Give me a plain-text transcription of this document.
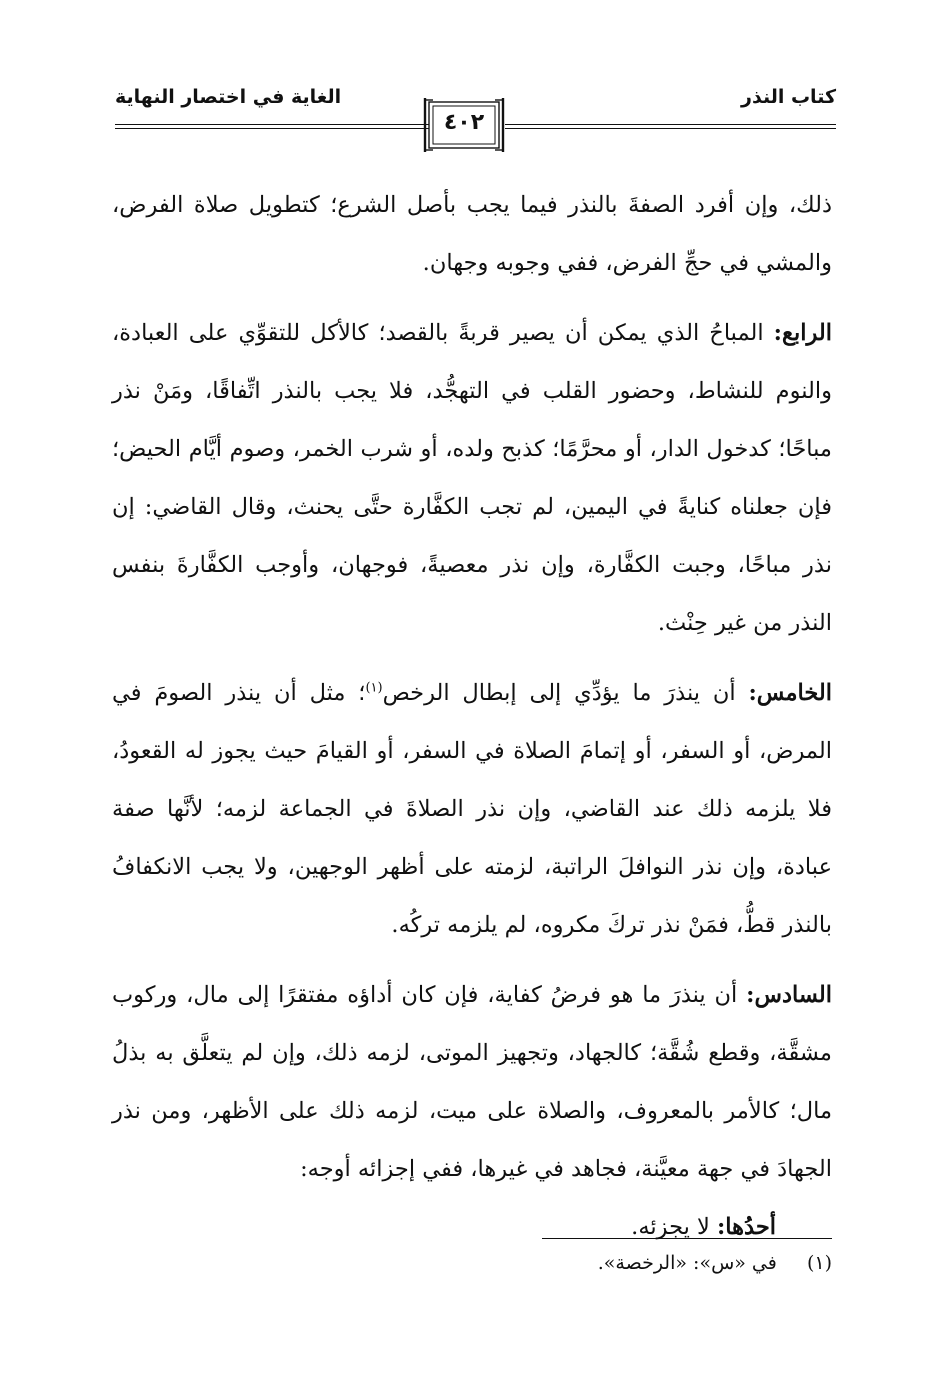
كتاب النذر
الغاية في اختصار النهاية
٤٠٢

ذلك، وإن أفرد الصفةَ بالنذر فيما يجب بأصل الشرع؛ كتطويل صلاة الفرض، والمشي في حجِّ الفرض، ففي وجوبه وجهان.

الرابع: المباحُ الذي يمكن أن يصير قربةً بالقصد؛ كالأكل للتقوِّي على العبادة، والنوم للنشاط، وحضور القلب في التهجُّد، فلا يجب بالنذر اتِّفاقًا، ومَنْ نذر مباحًا؛ كدخول الدار، أو محرَّمًا؛ كذبح ولده، أو شرب الخمر، وصوم أيَّام الحيض؛ فإن جعلناه كنايةً في اليمين، لم تجب الكفَّارة حتَّى يحنث، وقال القاضي: إن نذر مباحًا، وجبت الكفَّارة، وإن نذر معصيةً، فوجهان، وأوجب الكفَّارةَ بنفس النذر من غير حِنْث.

الخامس: أن ينذرَ ما يؤدِّي إلى إبطال الرخص$^{(١)}$؛ مثل أن ينذر الصومَ في المرض، أو السفر، أو إتمامَ الصلاة في السفر، أو القيامَ حيث يجوز له القعودُ، فلا يلزمه ذلك عند القاضي، وإن نذر الصلاةَ في الجماعة لزمه؛ لأنَّها صفة عبادة، وإن نذر النوافلَ الراتبة، لزمته على أظهر الوجهين، ولا يجب الانكفافُ بالنذر قطُّ، فمَنْ نذر تركَ مكروه، لم يلزمه تركُه.

السادس: أن ينذرَ ما هو فرضُ كفاية، فإن كان أداؤه مفتقرًا إلى مال، وركوب مشقَّة، وقطع شُقَّة؛ كالجهاد، وتجهيز الموتى، لزمه ذلك، وإن لم يتعلَّق به بذلُ مال؛ كالأمر بالمعروف، والصلاة على ميت، لزمه ذلك على الأظهر، ومن نذر الجهادَ في جهة معيَّنة، فجاهد في غيرها، ففي إجزائه أوجه:

أحدُها: لا يجزئه.

(١)  في «س»: «الرخصة».
